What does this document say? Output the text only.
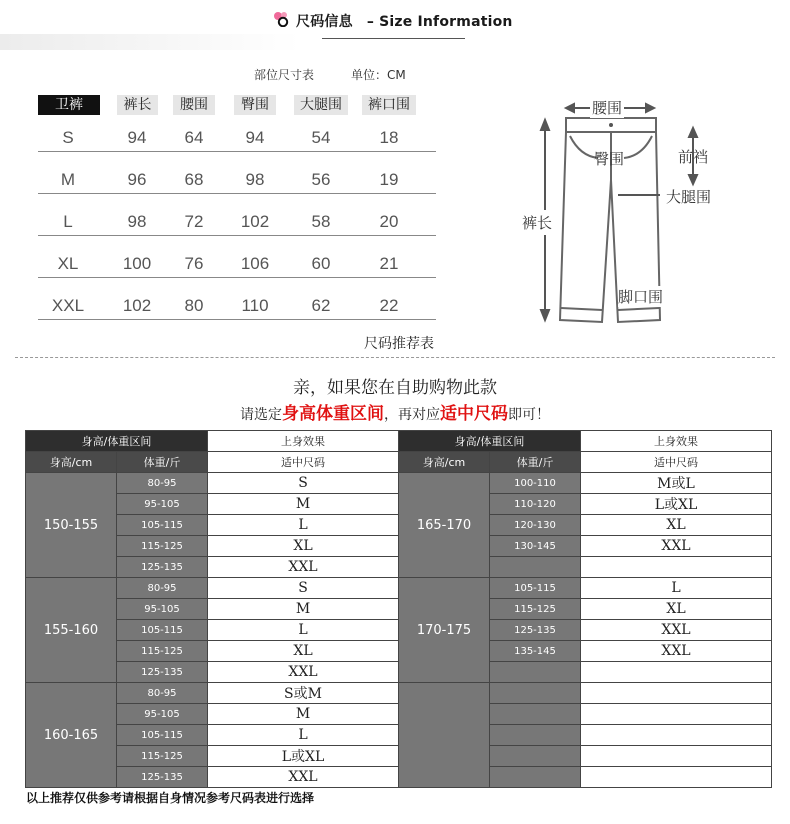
尺码信息 – Size Information
部位尺寸表	单位：CM
卫裤	裤长	腰围	臀围	大腿围	裤口围
S	94	64	94	54	18
M	96	68	98	56	19
L	98	72	102	58	20
XL	100	76	106	60	21
XXL	102	80	110	62	22
腰围
臀围	前裆
大腿围
裤长
脚口围
尺码推荐表
亲，如果您在自助购物此款
请选定身高体重区间，再对应适中尺码即可！
身高/体重区间		上身效果
身高/cm	体重/斤	适中尺码
150-155	80-95	S
	95-105	M
	105-115	L
	115-125	XL
	125-135	XXL
155-160	80-95	S
	95-105	M
	105-115	L
	115-125	XL
	125-135	XXL
160-165	80-95	S或M
	95-105	M
	105-115	L
	115-125	L或XL
	125-135	XXL
身高/体重区间		上身效果
身高/cm	体重/斤	适中尺码
165-170	100-110	M或L
	110-120	L或XL
	120-130	XL
	130-145	XXL

170-175	105-115	L
	115-125	XL
	125-135	XXL
	135-145	XXL

以上推荐仅供参考请根据自身情况参考尺码表进行选择
